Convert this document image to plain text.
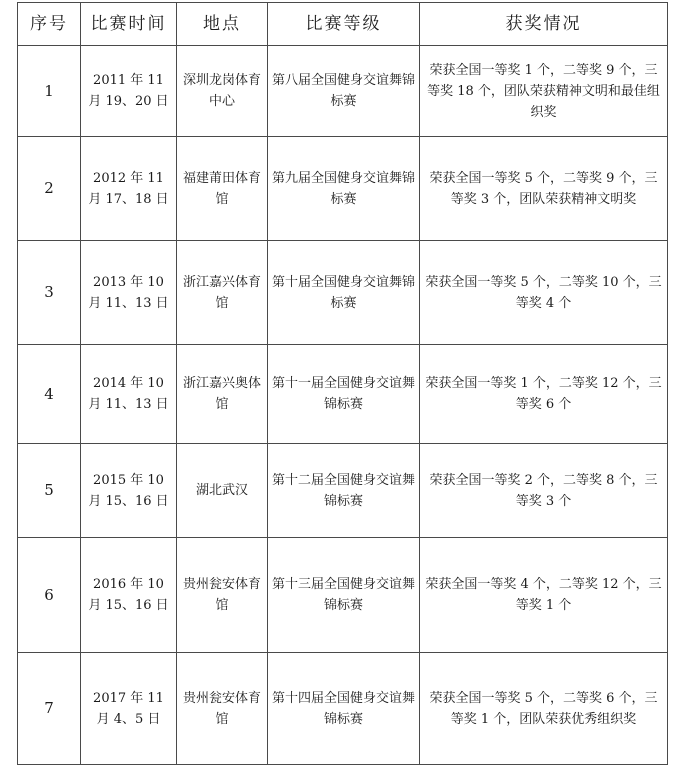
序号	比赛时间	地点	比赛等级	获奖情况
1	2011 年 11 月 19、20 日	深圳龙岗体育中心	第八届全国健身交谊舞锦标赛	荣获全国一等奖 1 个，二等奖 9 个，三等奖 18 个，团队荣获精神文明和最佳组织奖
2	2012 年 11 月 17、18 日	福建莆田体育馆	第九届全国健身交谊舞锦标赛	荣获全国一等奖 5 个，二等奖 9 个，三等奖 3 个，团队荣获精神文明奖
3	2013 年 10 月 11、13 日	浙江嘉兴体育馆	第十届全国健身交谊舞锦标赛	荣获全国一等奖 5 个，二等奖 10 个，三等奖 4 个
4	2014 年 10 月 11、13 日	浙江嘉兴奥体馆	第十一届全国健身交谊舞锦标赛	荣获全国一等奖 1 个，二等奖 12 个，三等奖 6 个
5	2015 年 10 月 15、16 日	湖北武汉	第十二届全国健身交谊舞锦标赛	荣获全国一等奖 2 个，二等奖 8 个，三等奖 3 个
6	2016 年 10 月 15、16 日	贵州瓮安体育馆	第十三届全国健身交谊舞锦标赛	荣获全国一等奖 4 个，二等奖 12 个，三等奖 1 个
7	2017 年 11 月 4、5 日	贵州瓮安体育馆	第十四届全国健身交谊舞锦标赛	荣获全国一等奖 5 个，二等奖 6 个，三等奖 1 个，团队荣获优秀组织奖
